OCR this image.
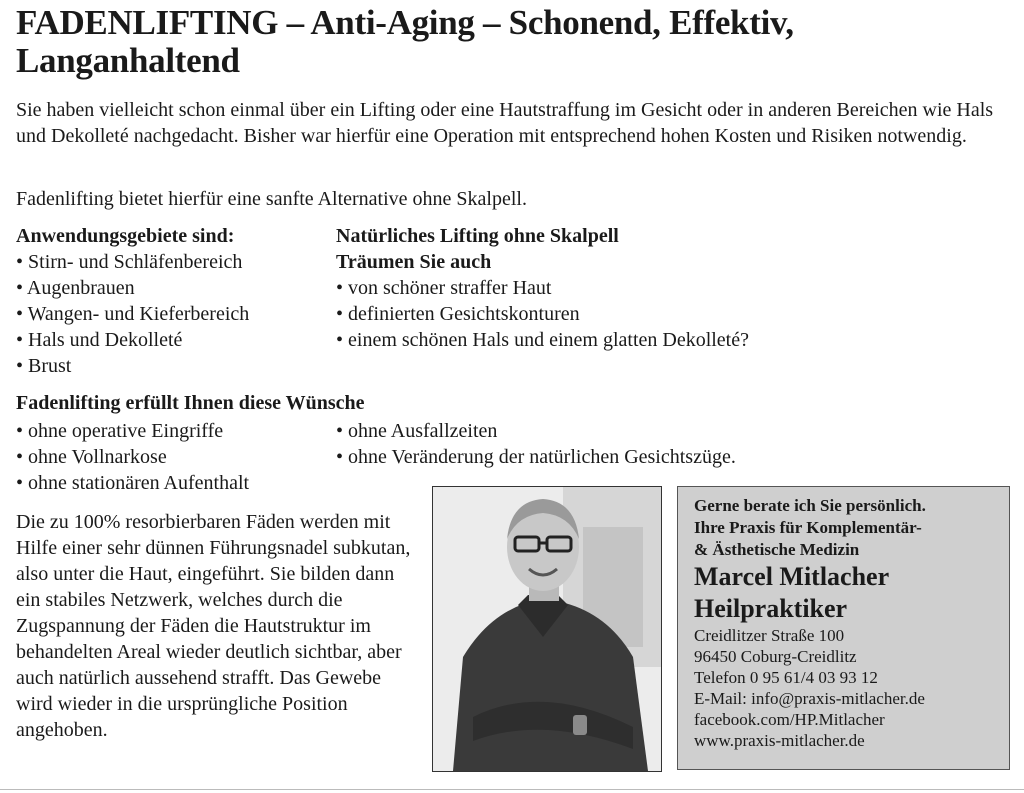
FADENLIFTING – Anti-Aging – Schonend, Effektiv, Langanhaltend

Sie haben vielleicht schon einmal über ein Lifting oder eine Hautstraffung im Gesicht oder in anderen Bereichen wie Hals und Dekolleté nachgedacht. Bisher war hierfür eine Operation mit entsprechend hohen Kosten und Risiken notwendig.

Fadenlifting bietet hierfür eine sanfte Alternative ohne Skalpell.

Anwendungsgebiete sind:
• Stirn- und Schläfenbereich
• Augenbrauen
• Wangen- und Kieferbereich
• Hals und Dekolleté
• Brust
Natürliches Lifting ohne Skalpell
Träumen Sie auch
• von schöner straffer Haut
• definierten Gesichtskonturen
• einem schönen Hals und einem glatten Dekolleté?
Fadenlifting erfüllt Ihnen diese Wünsche
• ohne operative Eingriffe
• ohne Vollnarkose
• ohne stationären Aufenthalt
• ohne Ausfallzeiten
• ohne Veränderung der natürlichen Gesichtszüge.

Die zu 100% resorbierbaren Fäden werden mit Hilfe einer sehr dünnen Führungsnadel subkutan, also unter die Haut, eingeführt. Sie bilden dann ein stabiles Netzwerk, welches durch die Zugspannung der Fäden die Hautstruktur im behandelten Areal wieder deutlich sichtbar, aber auch natürlich aussehend strafft. Das Gewebe wird wieder in die ursprüngliche Position angehoben.

Gerne berate ich Sie persönlich.
Ihre Praxis für Komplementär-
& Ästhetische Medizin
Marcel Mitlacher
Heilpraktiker
Creidlitzer Straße 100
96450 Coburg-Creidlitz
Telefon 0 95 61/4 03 93 12
E-Mail: info@praxis-mitlacher.de
facebook.com/HP.Mitlacher
www.praxis-mitlacher.de
